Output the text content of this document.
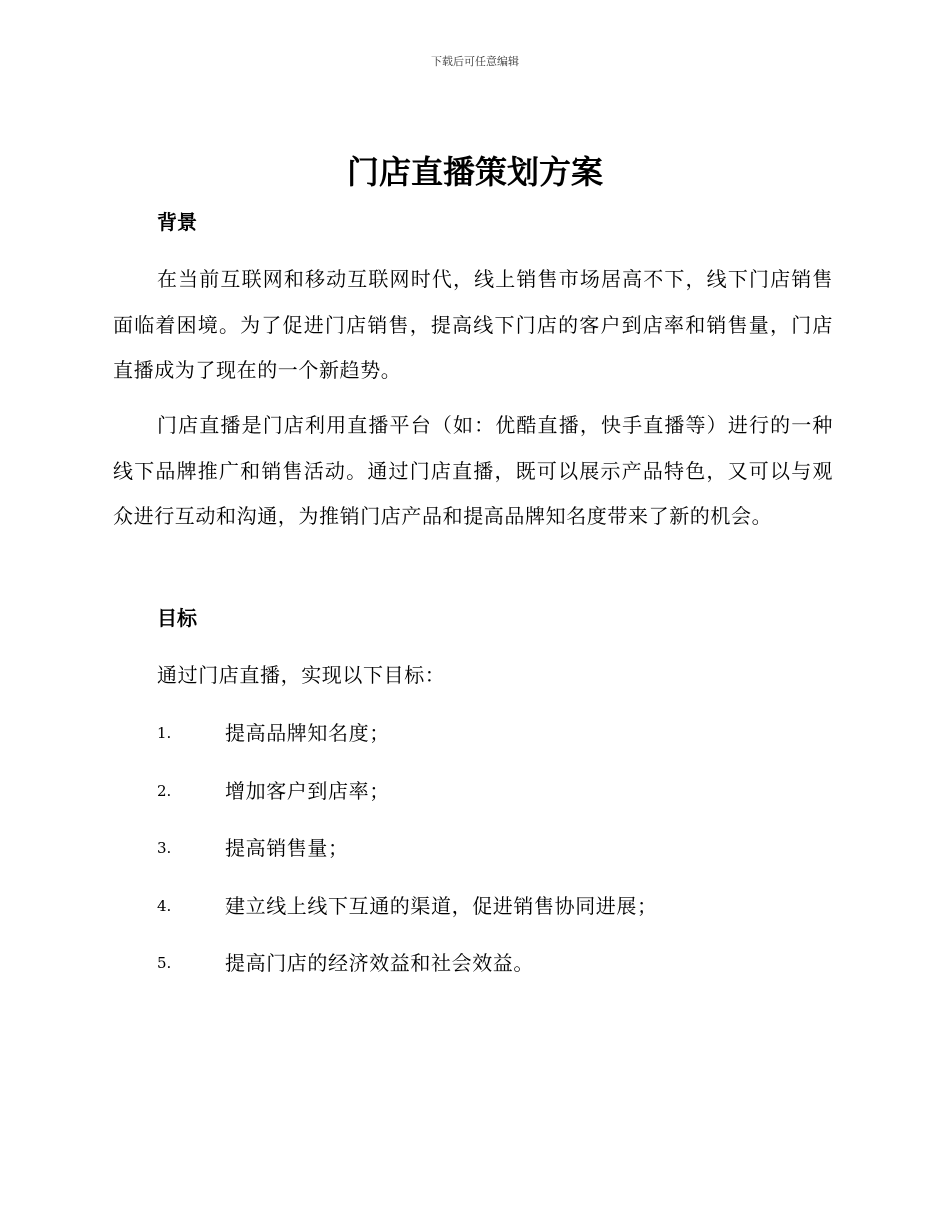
下载后可任意编辑
门店直播策划方案
背景

在当前互联网和移动互联网时代，线上销售市场居高不下，线下门店销售面临着困境。为了促进门店销售，提高线下门店的客户到店率和销售量，门店直播成为了现在的一个新趋势。

门店直播是门店利用直播平台（如：优酷直播，快手直播等）进行的一种线下品牌推广和销售活动。通过门店直播，既可以展示产品特色，又可以与观众进行互动和沟通，为推销门店产品和提高品牌知名度带来了新的机会。

目标
通过门店直播，实现以下目标：
1.	提高品牌知名度；
2.	增加客户到店率；
3.	提高销售量；
4.	建立线上线下互通的渠道，促进销售协同进展；
5.	提高门店的经济效益和社会效益。
